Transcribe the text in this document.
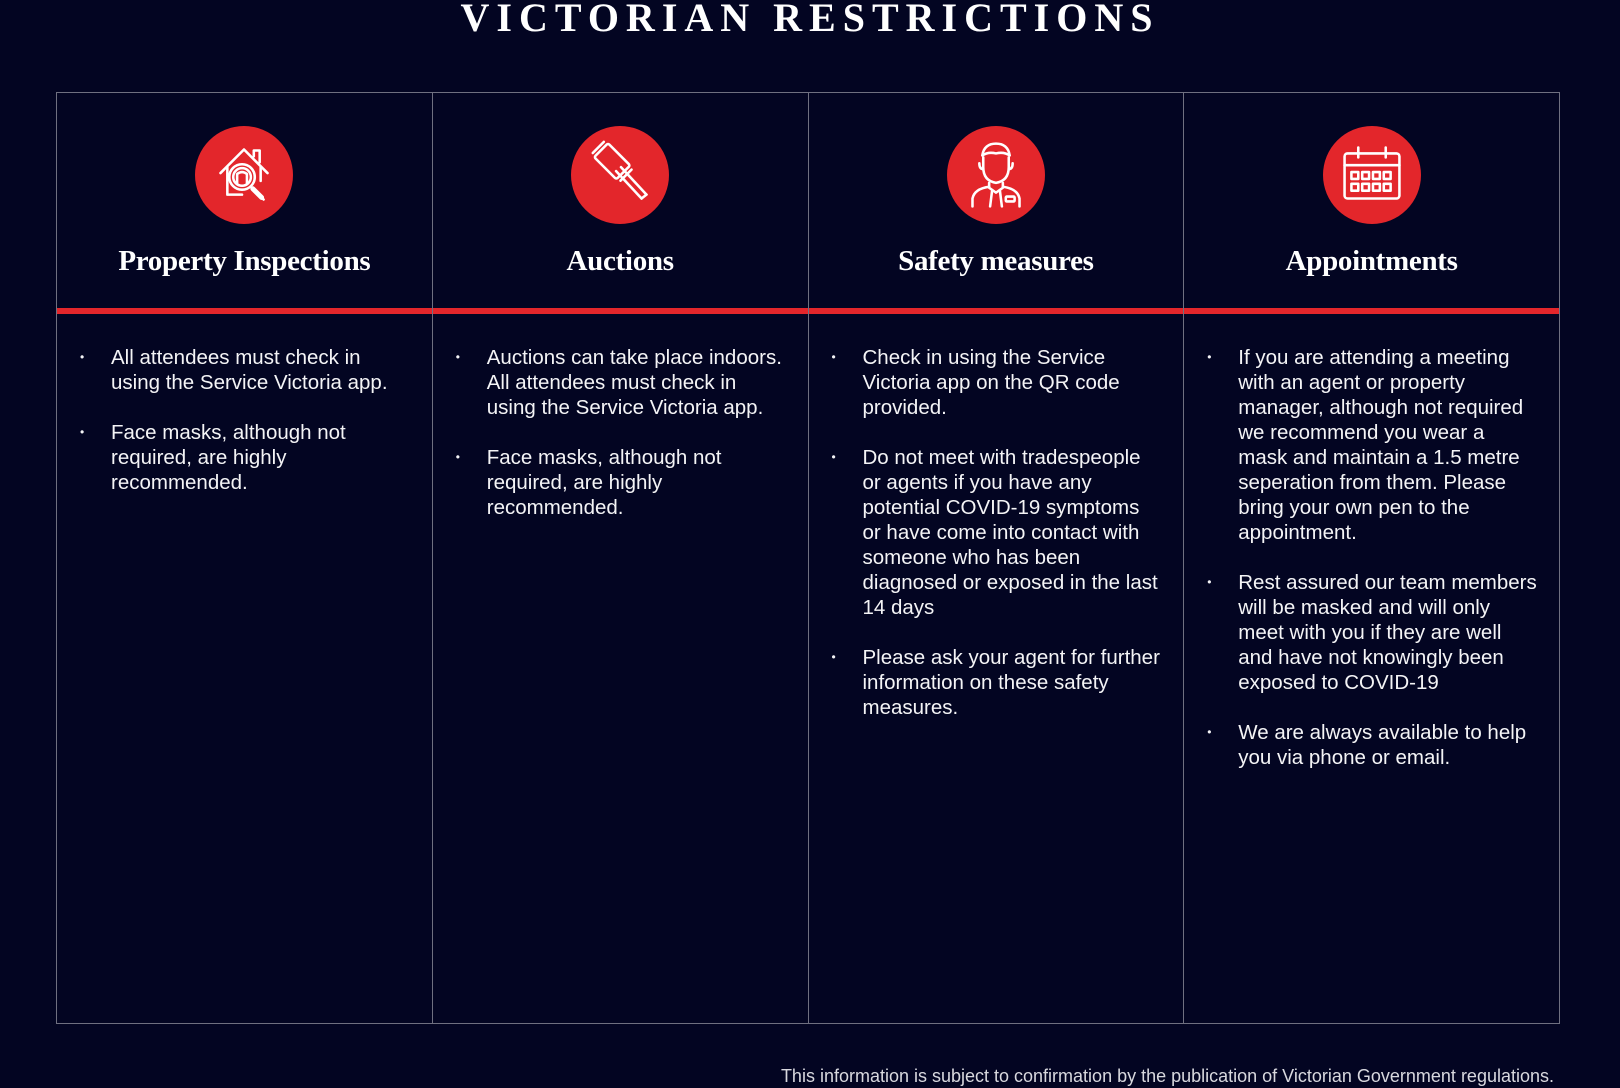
VICTORIAN RESTRICTIONS
Property Inspections
• All attendees must check in using the Service Victoria app.
• Face masks, although not required, are highly recommended.
Auctions
• Auctions can take place indoors. All attendees must check in using the Service Victoria app.
• Face masks, although not required, are highly recommended.
Safety measures
• Check in using the Service Victoria app on the QR code provided.
• Do not meet with tradespeople or agents if you have any potential COVID-19 symptoms or have come into contact with someone who has been diagnosed or exposed in the last 14 days
• Please ask your agent for further information on these safety measures.
Appointments
• If you are attending a meeting with an agent or property manager, although not required we recommend you wear a mask and maintain a 1.5 metre seperation from them. Please bring your own pen to the appointment.
• Rest assured our team members will be masked and will only meet with you if they are well and have not knowingly been exposed to COVID-19
• We are always available to help you via phone or email.
This information is subject to confirmation by the publication of Victorian Government regulations.
